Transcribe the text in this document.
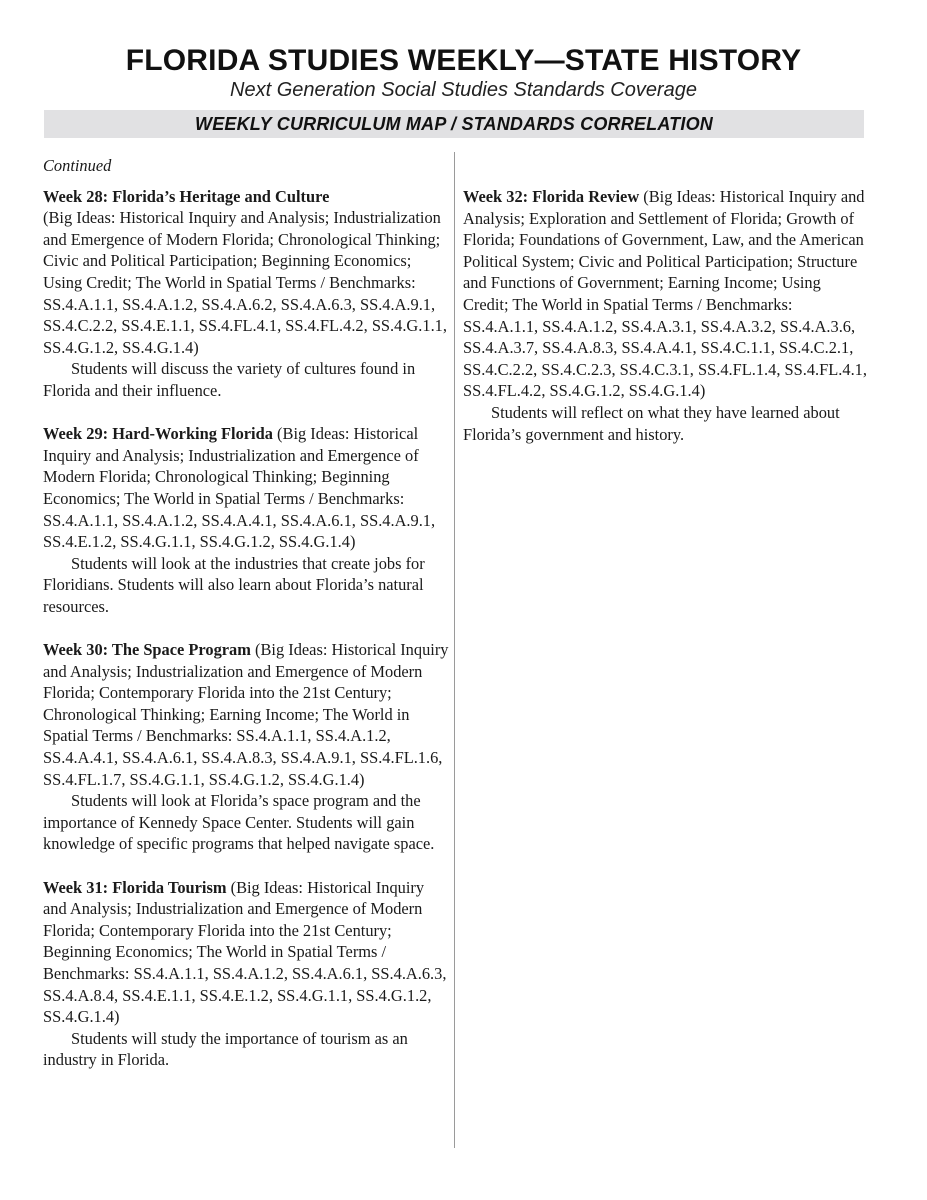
FLORIDA STUDIES WEEKLY—STATE HISTORY
Next Generation Social Studies Standards Coverage
WEEKLY CURRICULUM MAP / STANDARDS CORRELATION
Continued

Week 28: Florida’s Heritage and Culture
(Big Ideas: Historical Inquiry and Analysis; Industrialization and Emergence of Modern Florida; Chronological Thinking; Civic and Political Participation; Beginning Economics; Using Credit; The World in Spatial Terms / Benchmarks: SS.4.A.1.1, SS.4.A.1.2, SS.4.A.6.2, SS.4.A.6.3, SS.4.A.9.1, SS.4.C.2.2, SS.4.E.1.1, SS.4.FL.4.1, SS.4.FL.4.2, SS.4.G.1.1, SS.4.G.1.2, SS.4.G.1.4)

Students will discuss the variety of cultures found in Florida and their influence.

Week 29: Hard-Working Florida (Big Ideas: Historical Inquiry and Analysis; Industrialization and Emergence of Modern Florida; Chronological Thinking; Beginning Economics; The World in Spatial Terms / Benchmarks: SS.4.A.1.1, SS.4.A.1.2, SS.4.A.4.1, SS.4.A.6.1, SS.4.A.9.1, SS.4.E.1.2, SS.4.G.1.1, SS.4.G.1.2, SS.4.G.1.4)

Students will look at the industries that create jobs for Floridians. Students will also learn about Florida’s natural resources.

Week 30: The Space Program (Big Ideas: Historical Inquiry and Analysis; Industrialization and Emergence of Modern Florida; Contemporary Florida into the 21st Century; Chronological Thinking; Earning Income; The World in Spatial Terms / Benchmarks: SS.4.A.1.1, SS.4.A.1.2, SS.4.A.4.1, SS.4.A.6.1, SS.4.A.8.3, SS.4.A.9.1, SS.4.FL.1.6, SS.4.FL.1.7, SS.4.G.1.1, SS.4.G.1.2, SS.4.G.1.4)

Students will look at Florida’s space program and the importance of Kennedy Space Center. Students will gain knowledge of specific programs that helped navigate space.

Week 31: Florida Tourism (Big Ideas: Historical Inquiry and Analysis; Industrialization and Emergence of Modern Florida; Contemporary Florida into the 21st Century; Beginning Economics; The World in Spatial Terms / Benchmarks: SS.4.A.1.1, SS.4.A.1.2, SS.4.A.6.1, SS.4.A.6.3, SS.4.A.8.4, SS.4.E.1.1, SS.4.E.1.2, SS.4.G.1.1, SS.4.G.1.2, SS.4.G.1.4)

Students will study the importance of tourism as an industry in Florida.

Week 32: Florida Review (Big Ideas: Historical Inquiry and Analysis; Exploration and Settlement of Florida; Growth of Florida; Foundations of Government, Law, and the American Political System; Civic and Political Participation; Structure and Functions of Government; Earning Income; Using Credit; The World in Spatial Terms / Benchmarks: SS.4.A.1.1, SS.4.A.1.2, SS.4.A.3.1, SS.4.A.3.2, SS.4.A.3.6, SS.4.A.3.7, SS.4.A.8.3, SS.4.A.4.1, SS.4.C.1.1, SS.4.C.2.1, SS.4.C.2.2, SS.4.C.2.3, SS.4.C.3.1, SS.4.FL.1.4, SS.4.FL.4.1, SS.4.FL.4.2, SS.4.G.1.2, SS.4.G.1.4)

Students will reflect on what they have learned about Florida’s government and history.
